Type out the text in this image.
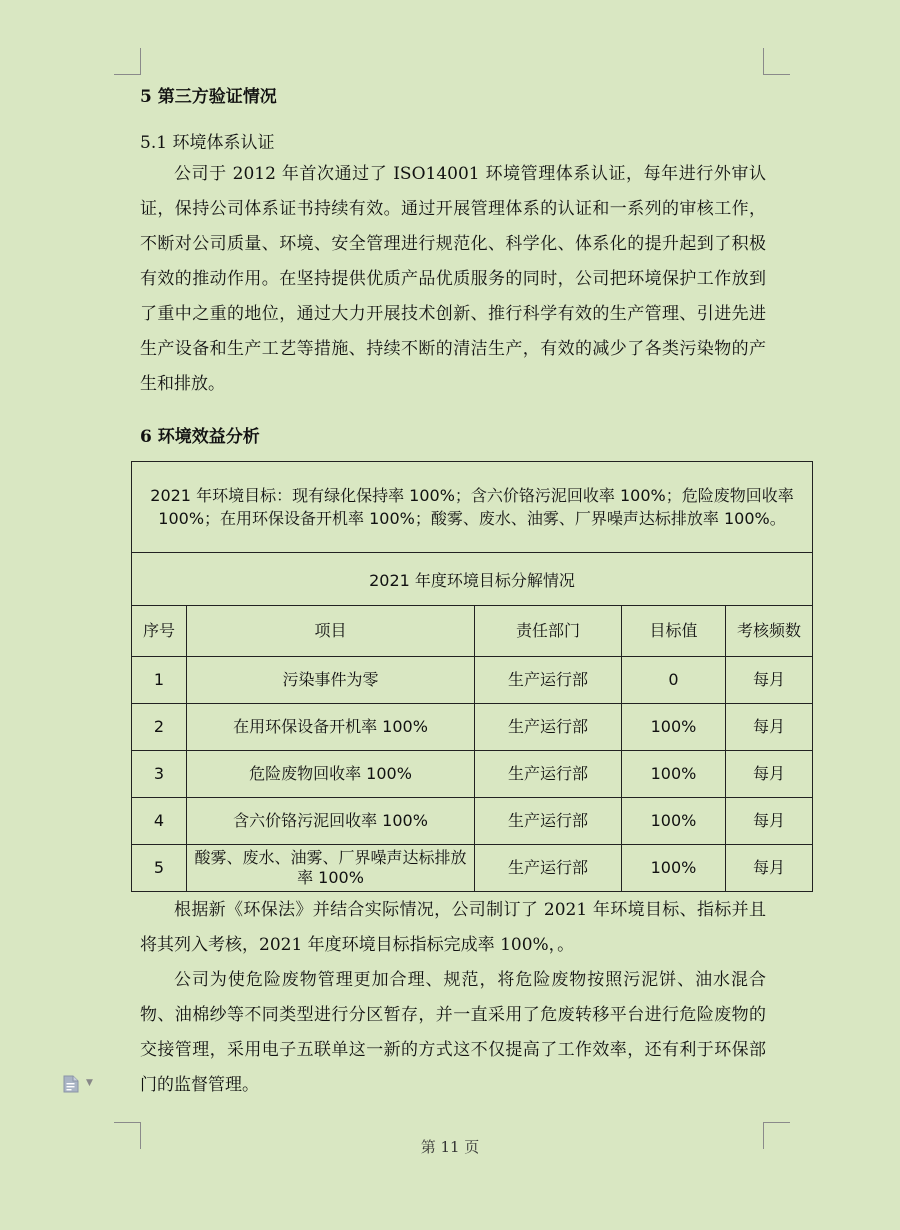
5 第三方验证情况
5.1 环境体系认证

公司于 2012 年首次通过了 ISO14001 环境管理体系认证，每年进行外审认证，保持公司体系证书持续有效。通过开展管理体系的认证和一系列的审核工作，不断对公司质量、环境、安全管理进行规范化、科学化、体系化的提升起到了积极有效的推动作用。在坚持提供优质产品优质服务的同时，公司把环境保护工作放到了重中之重的地位，通过大力开展技术创新、推行科学有效的生产管理、引进先进生产设备和生产工艺等措施、持续不断的清洁生产，有效的减少了各类污染物的产生和排放。

6 环境效益分析
2021 年环境目标：现有绿化保持率 100%；含六价铬污泥回收率 100%；危险废物回收率 100%；在用环保设备开机率 100%；酸雾、废水、油雾、厂界噪声达标排放率 100%。				
2021 年度环境目标分解情况				
序号	项目	责任部门	目标值	考核频数
1	污染事件为零	生产运行部	0	每月
2	在用环保设备开机率 100%	生产运行部	100%	每月
3	危险废物回收率 100%	生产运行部	100%	每月
4	含六价铬污泥回收率 100%	生产运行部	100%	每月
5	酸雾、废水、油雾、厂界噪声达标排放率 100%	生产运行部	100%	每月

根据新《环保法》并结合实际情况，公司制订了 2021 年环境目标、指标并且将其列入考核，2021 年度环境目标指标完成率 100%，。

公司为使危险废物管理更加合理、规范，将危险废物按照污泥饼、油水混合物、油棉纱等不同类型进行分区暂存，并一直采用了危废转移平台进行危险废物的交接管理，采用电子五联单这一新的方式这不仅提高了工作效率，还有利于环保部门的监督管理。

▼
第 11 页
